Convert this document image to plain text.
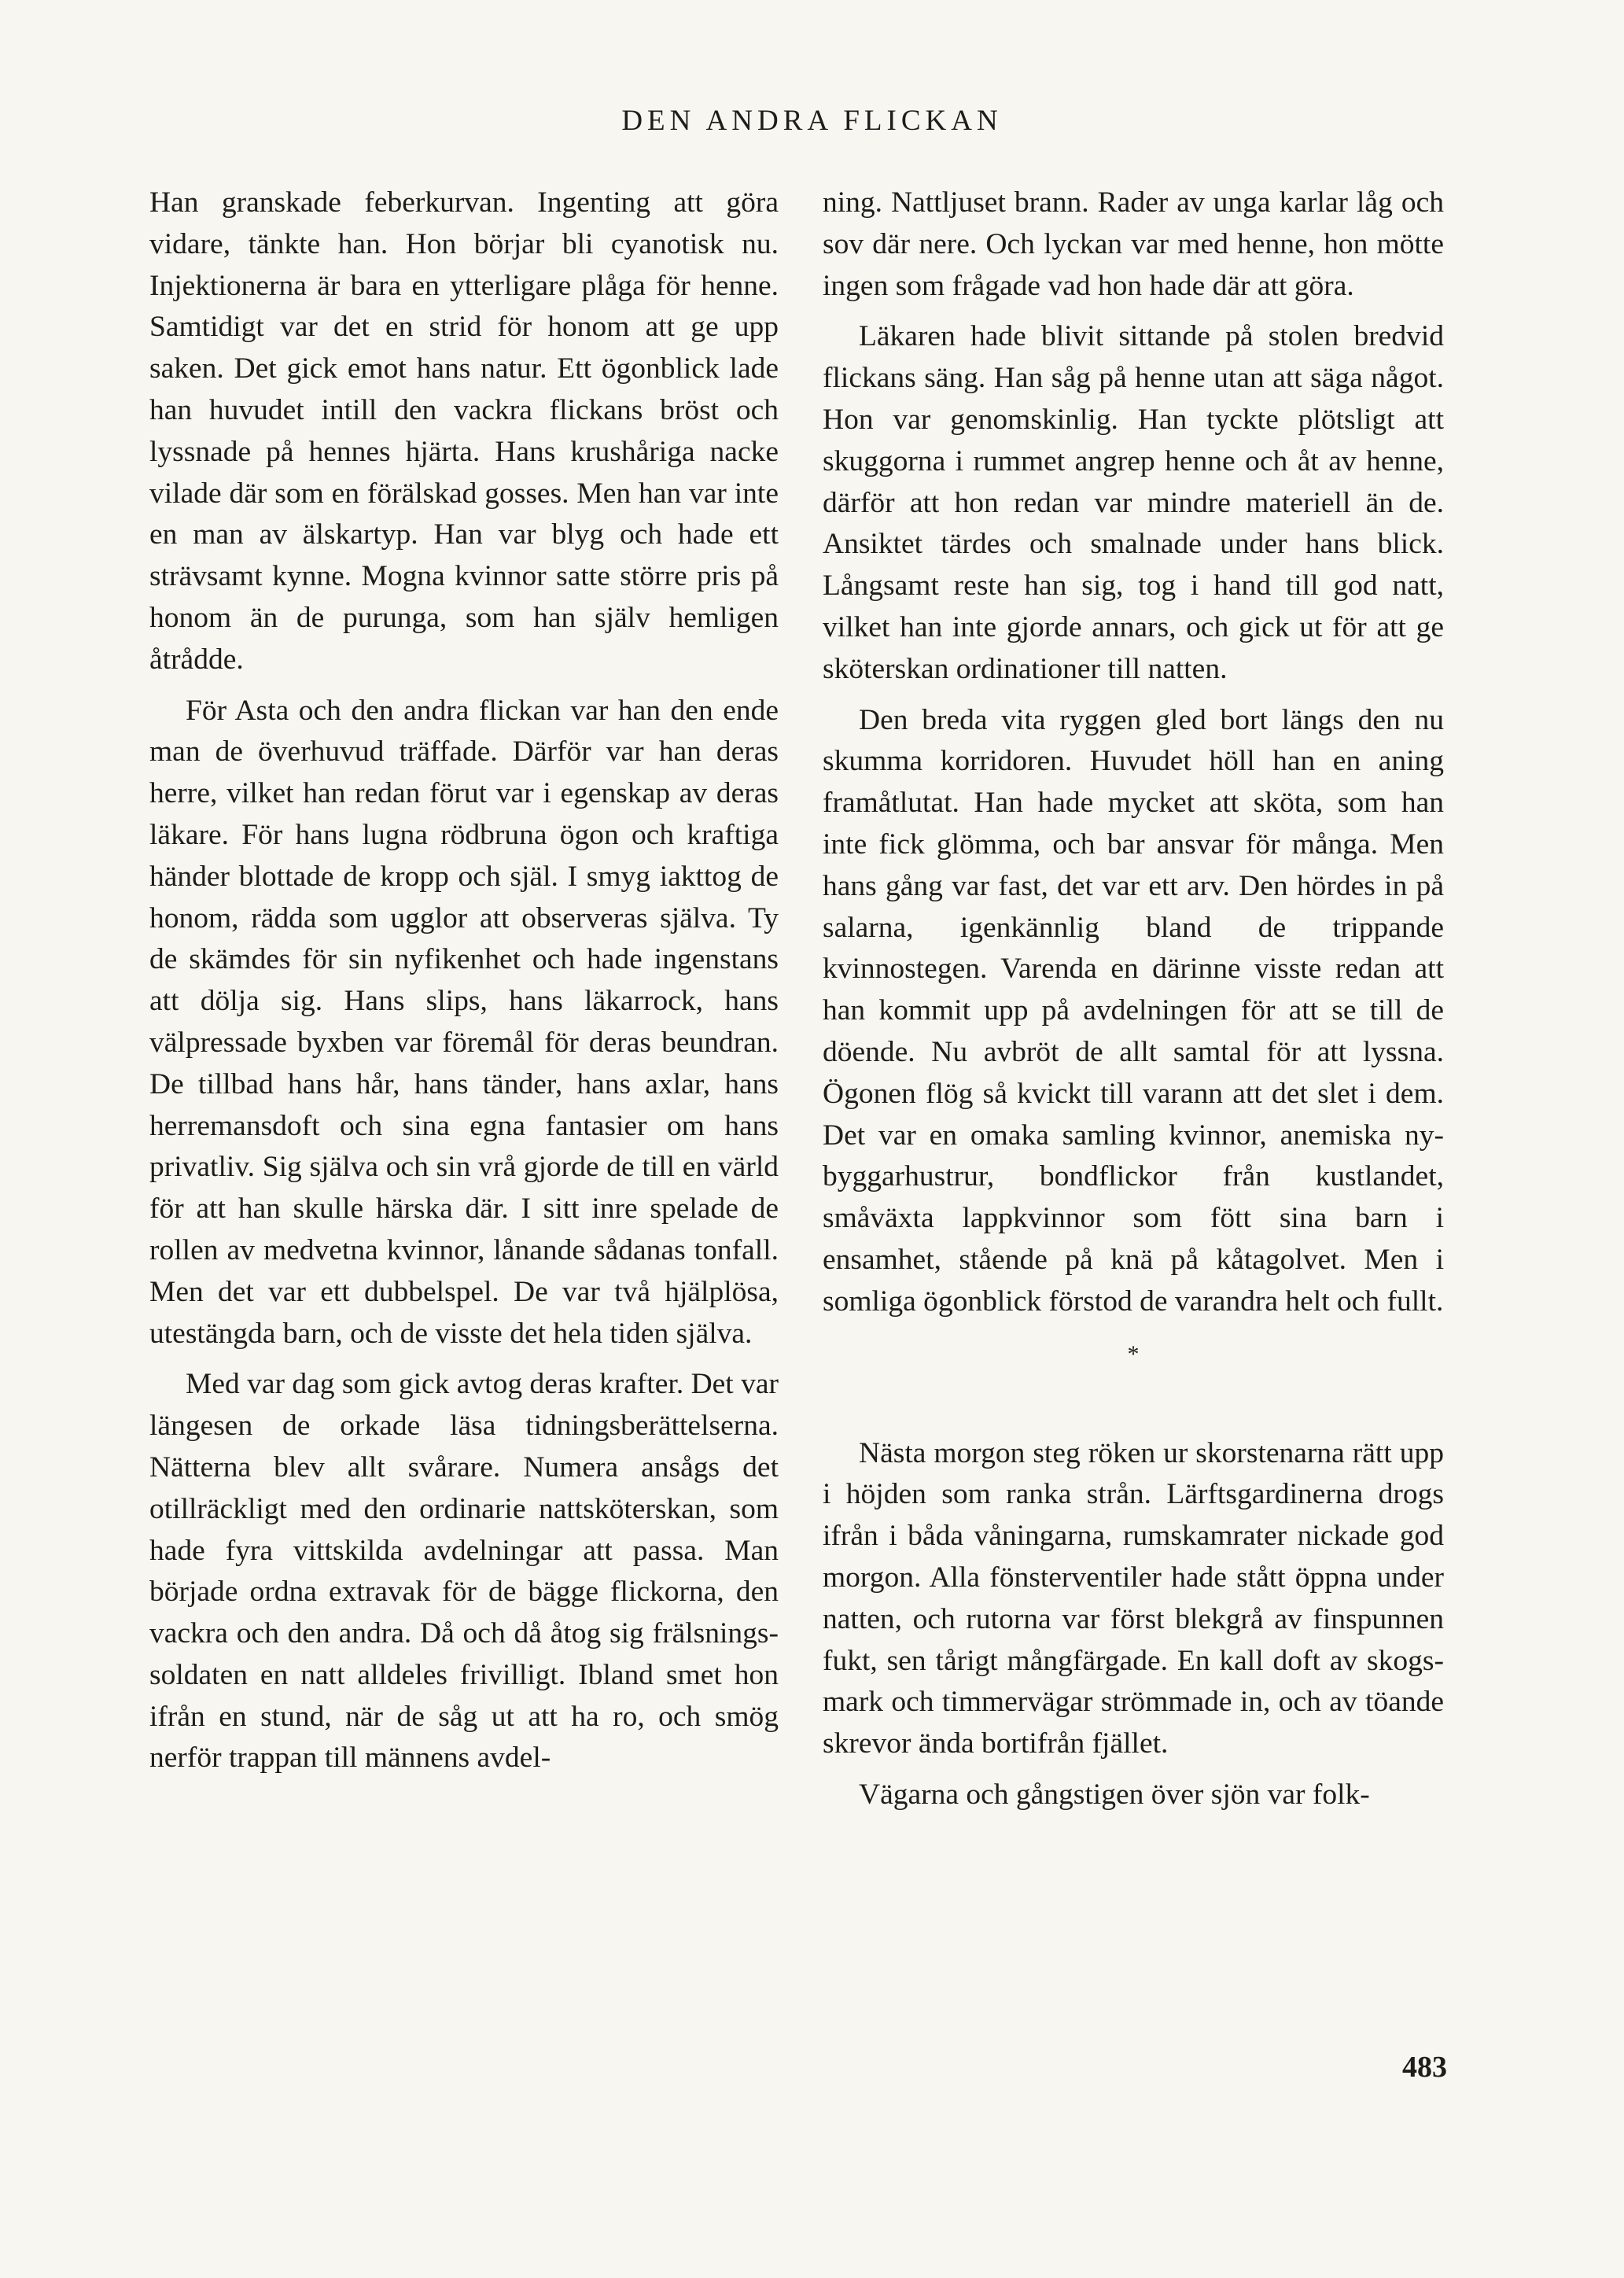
DEN ANDRA FLICKAN

Han granskade feberkurvan. Ingenting att göra vidare, tänkte han. Hon börjar bli cyanotisk nu. Injektionerna är bara en ytterligare plåga för henne. Samtidigt var det en strid för honom att ge upp saken. Det gick emot hans natur. Ett ögonblick lade han huvudet intill den vackra flickans bröst och lyssnade på hennes hjärta. Hans krushåriga nacke vilade där som en förälskad gosses. Men han var inte en man av älskartyp. Han var blyg och hade ett strävsamt kynne. Mogna kvinnor satte större pris på honom än de purunga, som han själv hemligen åtrådde.

För Asta och den andra flickan var han den ende man de överhuvud träffade. Därför var han deras herre, vilket han redan förut var i egenskap av deras läkare. För hans lugna rödbruna ögon och kraftiga händer blottade de kropp och själ. I smyg iakttog de honom, rädda som ugglor att observeras själva. Ty de skämdes för sin nyfikenhet och hade ingenstans att dölja sig. Hans slips, hans läkarrock, hans välpressade byxben var föremål för deras beundran. De tillbad hans hår, hans tänder, hans axlar, hans herremansdoft och sina egna fantasier om hans privatliv. Sig själva och sin vrå gjorde de till en värld för att han skulle härska där. I sitt inre spelade de rollen av medvetna kvinnor, lånande sådanas tonfall. Men det var ett dubbelspel. De var två hjälplösa, utestängda barn, och de visste det hela tiden själva.

Med var dag som gick avtog deras krafter. Det var längesen de orkade läsa tidningsberättelserna. Nätterna blev allt svårare. Numera ansågs det otillräckligt med den ordinarie nattsköterskan, som hade fyra vittskilda avdelningar att passa. Man började ordna extravak för de bägge flickorna, den vackra och den andra. Då och då åtog sig frälsningssoldaten en natt alldeles frivilligt. Ibland smet hon ifrån en stund, när de såg ut att ha ro, och smög nerför trappan till männens avdel-

ning. Nattljuset brann. Rader av unga karlar låg och sov där nere. Och lyckan var med henne, hon mötte ingen som frågade vad hon hade där att göra.

Läkaren hade blivit sittande på stolen bredvid flickans säng. Han såg på henne utan att säga något. Hon var genomskinlig. Han tyckte plötsligt att skuggorna i rummet angrep henne och åt av henne, därför att hon redan var mindre materiell än de. Ansiktet tärdes och smalnade under hans blick. Långsamt reste han sig, tog i hand till god natt, vilket han inte gjorde annars, och gick ut för att ge sköterskan ordinationer till natten.

Den breda vita ryggen gled bort längs den nu skumma korridoren. Huvudet höll han en aning framåtlutat. Han hade mycket att sköta, som han inte fick glömma, och bar ansvar för många. Men hans gång var fast, det var ett arv. Den hördes in på salarna, igenkännlig bland de trippande kvinnostegen. Varenda en därinne visste redan att han kommit upp på avdelningen för att se till de döende. Nu avbröt de allt samtal för att lyssna. Ögonen flög så kvickt till varann att det slet i dem. Det var en omaka samling kvinnor, anemiska nybyggarhustrur, bondflickor från kustlandet, småväxta lappkvinnor som fött sina barn i ensamhet, stående på knä på kåtagolvet. Men i somliga ögonblick förstod de varandra helt och fullt.

*

Nästa morgon steg röken ur skorstenarna rätt upp i höjden som ranka strån. Lärftsgardinerna drogs ifrån i båda våningarna, rumskamrater nickade god morgon. Alla fönsterventiler hade stått öppna under natten, och rutorna var först blekgrå av finspunnen fukt, sen tårigt mångfärgade. En kall doft av skogsmark och timmervägar strömmade in, och av töande skrevor ända bortifrån fjället.

Vägarna och gångstigen över sjön var folk-

483
